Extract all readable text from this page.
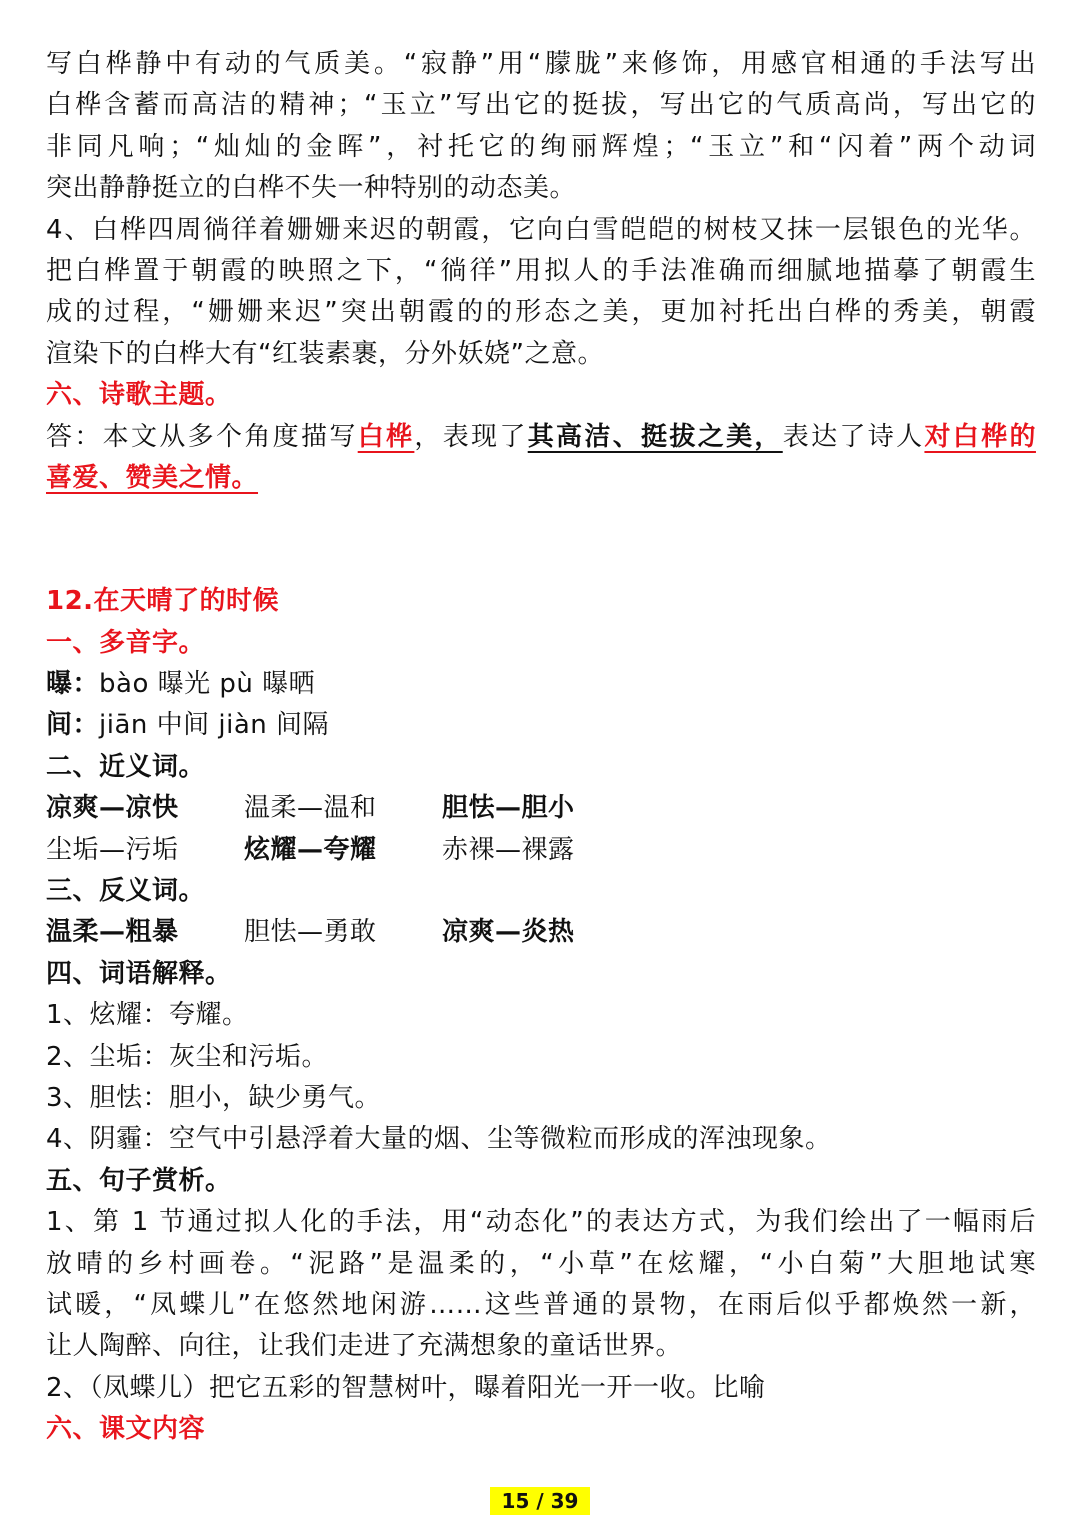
写白桦静中有动的气质美。“寂静”用“朦胧”来修饰，用感官相通的手法写出
白桦含蓄而高洁的精神；“玉立”写出它的挺拔，写出它的气质高尚，写出它的
非同凡响；“灿灿的金晖”，衬托它的绚丽辉煌；“玉立”和“闪着”两个动词
突出静静挺立的白桦不失一种特别的动态美。
4、白桦四周徜徉着姗姗来迟的朝霞，它向白雪皑皑的树枝又抹一层银色的光华。
把白桦置于朝霞的映照之下，“徜徉”用拟人的手法准确而细腻地描摹了朝霞生
成的过程，“姗姗来迟”突出朝霞的的形态之美，更加衬托出白桦的秀美，朝霞
渲染下的白桦大有“红装素裹，分外妖娆”之意。
六、诗歌主题。
答：本文从多个角度描写白桦，表现了其高洁、挺拔之美，表达了诗人对白桦的
喜爱、赞美之情。
12.在天晴了的时候
一、多音字。
曝：bào 曝光 pù 曝晒
间：jiān 中间 jiàn 间隔
二、近义词。
凉爽—凉快	温柔—温和	胆怯—胆小
尘垢—污垢	炫耀—夸耀	赤裸—裸露
三、反义词。
温柔—粗暴	胆怯—勇敢	凉爽—炎热
四、词语解释。
1、炫耀：夸耀。
2、尘垢：灰尘和污垢。
3、胆怯：胆小，缺少勇气。
4、阴霾：空气中引悬浮着大量的烟、尘等微粒而形成的浑浊现象。
五、句子赏析。
1、第 1 节通过拟人化的手法，用“动态化”的表达方式，为我们绘出了一幅雨后
放晴的乡村画卷。“泥路”是温柔的，“小草”在炫耀，“小白菊”大胆地试寒
试暖，“凤蝶儿”在悠然地闲游……这些普通的景物，在雨后似乎都焕然一新，
让人陶醉、向往，让我们走进了充满想象的童话世界。
2、（凤蝶儿）把它五彩的智慧树叶，曝着阳光一开一收。比喻
六、课文内容
15 / 39
